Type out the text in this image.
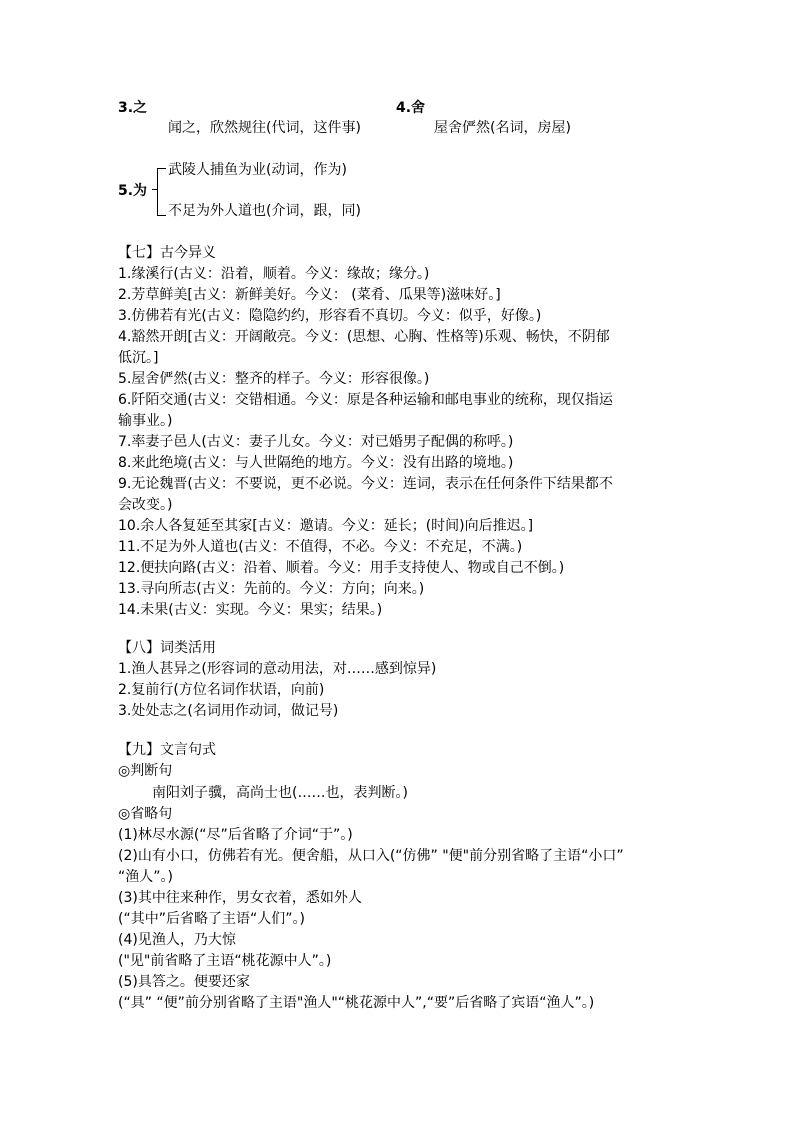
3.之
闻之，欣然规往(代词，这件事)
4.舍
屋舍俨然(名词，房屋)
5.为
武陵人捕鱼为业(动词，作为)
不足为外人道也(介词，跟，同)
【七】古今异义
1.缘溪行(古义：沿着，顺着。今义：缘故；缘分。)
2.芳草鲜美[古义：新鲜美好。今义： (菜肴、瓜果等)滋味好。]
3.仿佛若有光(古义：隐隐约约，形容看不真切。今义：似乎，好像。)
4.豁然开朗[古义：开阔敞亮。今义：(思想、心胸、性格等)乐观、畅快，不阴郁
低沉。]
5.屋舍俨然(古义：整齐的样子。今义：形容很像。)
6.阡陌交通(古义：交错相通。今义：原是各种运输和邮电事业的统称，现仅指运
输事业。)
7.率妻子邑人(古义：妻子儿女。今义：对已婚男子配偶的称呼。)
8.来此绝境(古义：与人世隔绝的地方。今义：没有出路的境地。)
9.无论魏晋(古义：不要说，更不必说。今义：连词，表示在任何条件下结果都不
会改变。)
10.余人各复延至其家[古义：邀请。今义：延长；(时间)向后推迟。]
11.不足为外人道也(古义：不值得，不必。今义：不充足，不满。)
12.便扶向路(古义：沿着、顺着。今义：用手支持使人、物或自己不倒。)
13.寻向所志(古义：先前的。今义：方向；向来。)
14.未果(古义：实现。今义：果实；结果。)
【八】词类活用
1.渔人甚异之(形容词的意动用法，对……感到惊异)
2.复前行(方位名词作状语，向前)
3.处处志之(名词用作动词，做记号)
【九】文言句式
◎判断句
南阳刘子骥，高尚士也(……也，表判断。)
◎省略句
(1)林尽水源(“尽”后省略了介词“于”。)
(2)山有小口，仿佛若有光。便舍船，从口入(“仿佛” "便"前分别省略了主语“小口”
“渔人”。)
(3)其中往来种作，男女衣着，悉如外人
(“其中”后省略了主语“人们”。)
(4)见渔人，乃大惊
("见"前省略了主语“桃花源中人”。)
(5)具答之。便要还家
(“具” “便”前分别省略了主语"渔人"“桃花源中人”,“要”后省略了宾语“渔人”。)
